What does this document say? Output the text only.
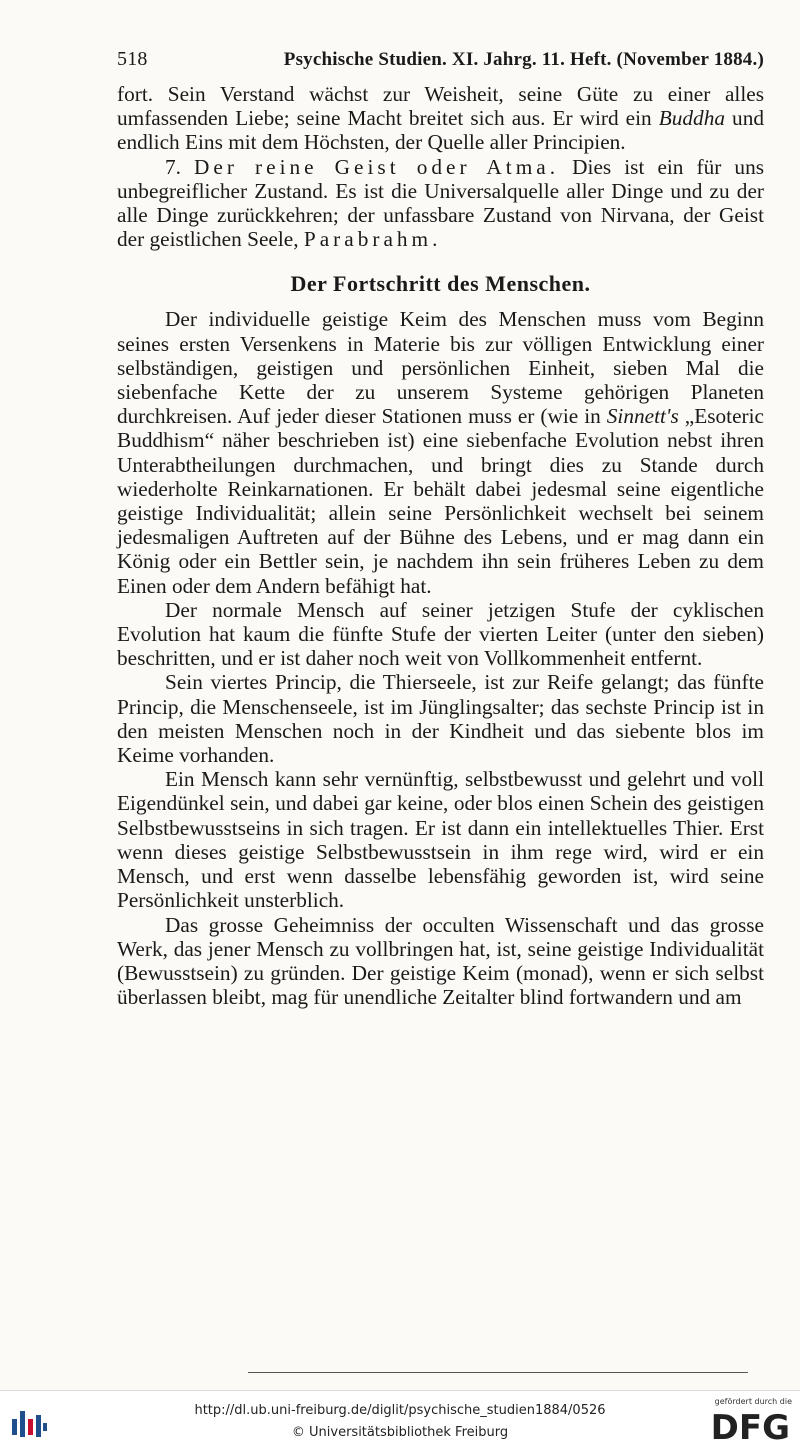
518	Psychische Studien. XI. Jahrg. 11. Heft. (November 1884.)

fort. Sein Verstand wächst zur Weisheit, seine Güte zu einer alles umfassenden Liebe; seine Macht breitet sich aus. Er wird ein Buddha und endlich Eins mit dem Höchsten, der Quelle aller Principien.

7. Der reine Geist oder Atma. Dies ist ein für uns unbegreiflicher Zustand. Es ist die Universalquelle aller Dinge und zu der alle Dinge zurückkehren; der unfassbare Zustand von Nirvana, der Geist der geistlichen Seele, Parabrahm.

Der Fortschritt des Menschen.

Der individuelle geistige Keim des Menschen muss vom Beginn seines ersten Versenkens in Materie bis zur völligen Entwicklung einer selbständigen, geistigen und persönlichen Einheit, sieben Mal die siebenfache Kette der zu unserem Systeme gehörigen Planeten durchkreisen. Auf jeder dieser Stationen muss er (wie in Sinnett's „Esoteric Buddhism“ näher beschrieben ist) eine siebenfache Evolution nebst ihren Unterabtheilungen durchmachen, und bringt dies zu Stande durch wiederholte Reinkarnationen. Er behält dabei jedesmal seine eigentliche geistige Individualität; allein seine Persönlichkeit wechselt bei seinem jedesmaligen Auftreten auf der Bühne des Lebens, und er mag dann ein König oder ein Bettler sein, je nachdem ihn sein früheres Leben zu dem Einen oder dem Andern befähigt hat.

Der normale Mensch auf seiner jetzigen Stufe der cyklischen Evolution hat kaum die fünfte Stufe der vierten Leiter (unter den sieben) beschritten, und er ist daher noch weit von Vollkommenheit entfernt.

Sein viertes Princip, die Thierseele, ist zur Reife gelangt; das fünfte Princip, die Menschenseele, ist im Jünglingsalter; das sechste Princip ist in den meisten Menschen noch in der Kindheit und das siebente blos im Keime vorhanden.

Ein Mensch kann sehr vernünftig, selbstbewusst und gelehrt und voll Eigendünkel sein, und dabei gar keine, oder blos einen Schein des geistigen Selbstbewusstseins in sich tragen. Er ist dann ein intellektuelles Thier. Erst wenn dieses geistige Selbstbewusstsein in ihm rege wird, wird er ein Mensch, und erst wenn dasselbe lebensfähig geworden ist, wird seine Persönlichkeit unsterblich.

Das grosse Geheimniss der occulten Wissenschaft und das grosse Werk, das jener Mensch zu vollbringen hat, ist, seine geistige Individualität (Bewusstsein) zu gründen. Der geistige Keim (monad), wenn er sich selbst überlassen bleibt, mag für unendliche Zeitalter blind fortwandern und am

http://dl.ub.uni-freiburg.de/diglit/psychische_studien1884/0526
© Universitätsbibliothek Freiburg
gefördert durch die
DFG
